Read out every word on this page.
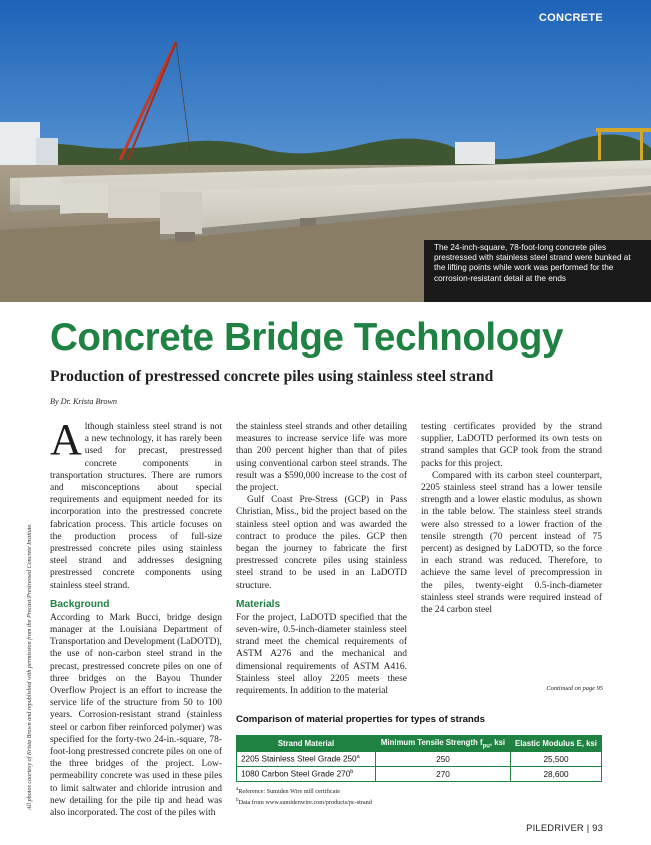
CONCRETE
The 24-inch-square, 78-foot-long concrete piles prestressed with stainless steel strand were bunked at the lifting points while work was performed for the corrosion-resistant detail at the ends
All photos courtesy of Krista Brown and republished with permission from the Precast/Prestressed Concrete Institute.
Concrete Bridge Technology
Production of prestressed concrete piles using stainless steel strand
By Dr. Krista Brown

Although stainless steel strand is not a new technology, it has rarely been used for precast, prestressed concrete components in transportation structures. There are rumors and misconceptions about special requirements and equipment needed for its incorporation into the prestressed concrete fabrication process. This article focuses on the production process of full-size prestressed concrete piles using stainless steel strand and addresses designing prestressed concrete components using stainless steel strand.

Background

According to Mark Bucci, bridge design manager at the Louisiana Department of Transportation and Development (LaDOTD), the use of non-carbon steel strand in the precast, prestressed concrete piles on one of three bridges on the Bayou Thunder Overflow Project is an effort to increase the service life of the structure from 50 to 100 years. Corrosion-resistant strand (stainless steel or carbon fiber reinforced polymer) was specified for the forty-two 24-in.-square, 78-foot-long prestressed concrete piles on one of the three bridges of the project. Low-permeability concrete was used in these piles to limit saltwater and chloride intrusion and new detailing for the pile tip and head was also incorporated. The cost of the piles with

the stainless steel strands and other detailing measures to increase service life was more than 200 percent higher than that of piles using conventional carbon steel strands. The result was a $590,000 increase to the cost of the project.

Gulf Coast Pre-Stress (GCP) in Pass Christian, Miss., bid the project based on the stainless steel option and was awarded the contract to produce the piles. GCP then began the journey to fabricate the first prestressed concrete piles using stainless steel strand to be used in an LaDOTD structure.

Materials

For the project, LaDOTD specified that the seven-wire, 0.5-inch-diameter stainless steel strand meet the chemical requirements of ASTM A276 and the mechanical and dimensional requirements of ASTM A416. Stainless steel alloy 2205 meets these requirements. In addition to the material

testing certificates provided by the strand supplier, LaDOTD performed its own tests on strand samples that GCP took from the strand packs for this project.

Compared with its carbon steel counterpart, 2205 stainless steel strand has a lower tensile strength and a lower elastic modulus, as shown in the table below. The stainless steel strands were also stressed to a lower fraction of the tensile strength (70 percent instead of 75 percent) as designed by LaDOTD, so the force in each strand was reduced. Therefore, to achieve the same level of precompression in the piles, twenty-eight 0.5-inch-diameter stainless steel strands were required instead of the 24 carbon steel

Continued on page 95
Comparison of material properties for types of strands
Strand Material	Minimum Tensile Strength $f_{pu}$, ksi	Elastic Modulus E, ksi
2205 Stainless Steel Grade 250$^a$	250	25,500
1080 Carbon Steel Grade 270$^b$	270	28,600
$^a$Reference: Sumiden Wire mill certificate
$^b$Data from www.sumidenwire.com/products/pc-strand
PILEDRIVER | 93
